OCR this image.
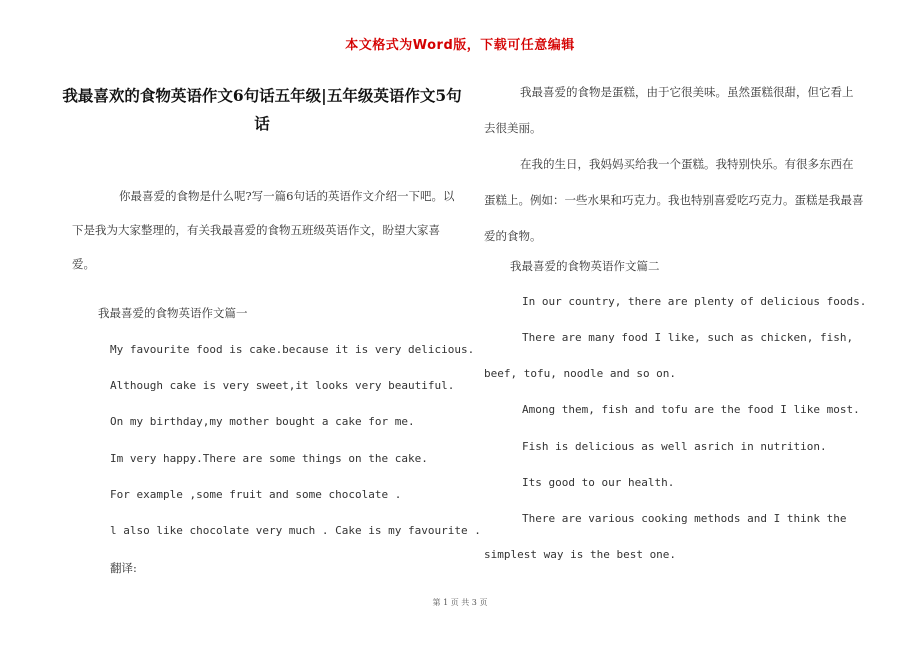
本文格式为Word版，下载可任意编辑
我最喜欢的食物英语作文6句话五年级|五年级英语作文5句话
你最喜爱的食物是什么呢?写一篇6句话的英语作文介绍一下吧。以下是我为大家整理的，有关我最喜爱的食物五班级英语作文，盼望大家喜爱。
我最喜爱的食物英语作文篇一
My favourite food is cake.because it is very delicious.
Although cake is very sweet,it looks very beautiful.
On my birthday,my mother bought a cake for me.
Im very happy.There are some things on the cake.
For example ,some fruit and some chocolate .
l also like chocolate very much . Cake is my favourite .
翻译:
我最喜爱的食物是蛋糕，由于它很美味。虽然蛋糕很甜，但它看上去很美丽。
在我的生日，我妈妈买给我一个蛋糕。我特别快乐。有很多东西在蛋糕上。例如：一些水果和巧克力。我也特别喜爱吃巧克力。蛋糕是我最喜爱的食物。
我最喜爱的食物英语作文篇二
In our country, there are plenty of delicious foods.
There are many food I like, such as chicken, fish,
beef, tofu, noodle and so on.
Among them, fish and tofu are the food I like most.
Fish is delicious as well asrich in nutrition.
Its good to our health.
There are various cooking methods and I think the
simplest way is the best one.
第 1 页 共 3 页
